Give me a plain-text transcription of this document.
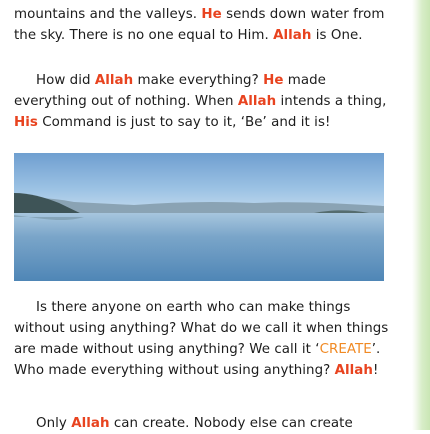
mountains and the valleys. He sends down water from
the sky. There is no one equal to Him. Allah is One.

How did Allah make everything? He made
everything out of nothing. When Allah intends a thing,
His Command is just to say to it, ‘Be’ and it is!

Is there anyone on earth who can make things
without using anything? What do we call it when things
are made without using anything? We call it ‘CREATE’.
Who made everything without using anything? Allah!

Only Allah can create. Nobody else can create
